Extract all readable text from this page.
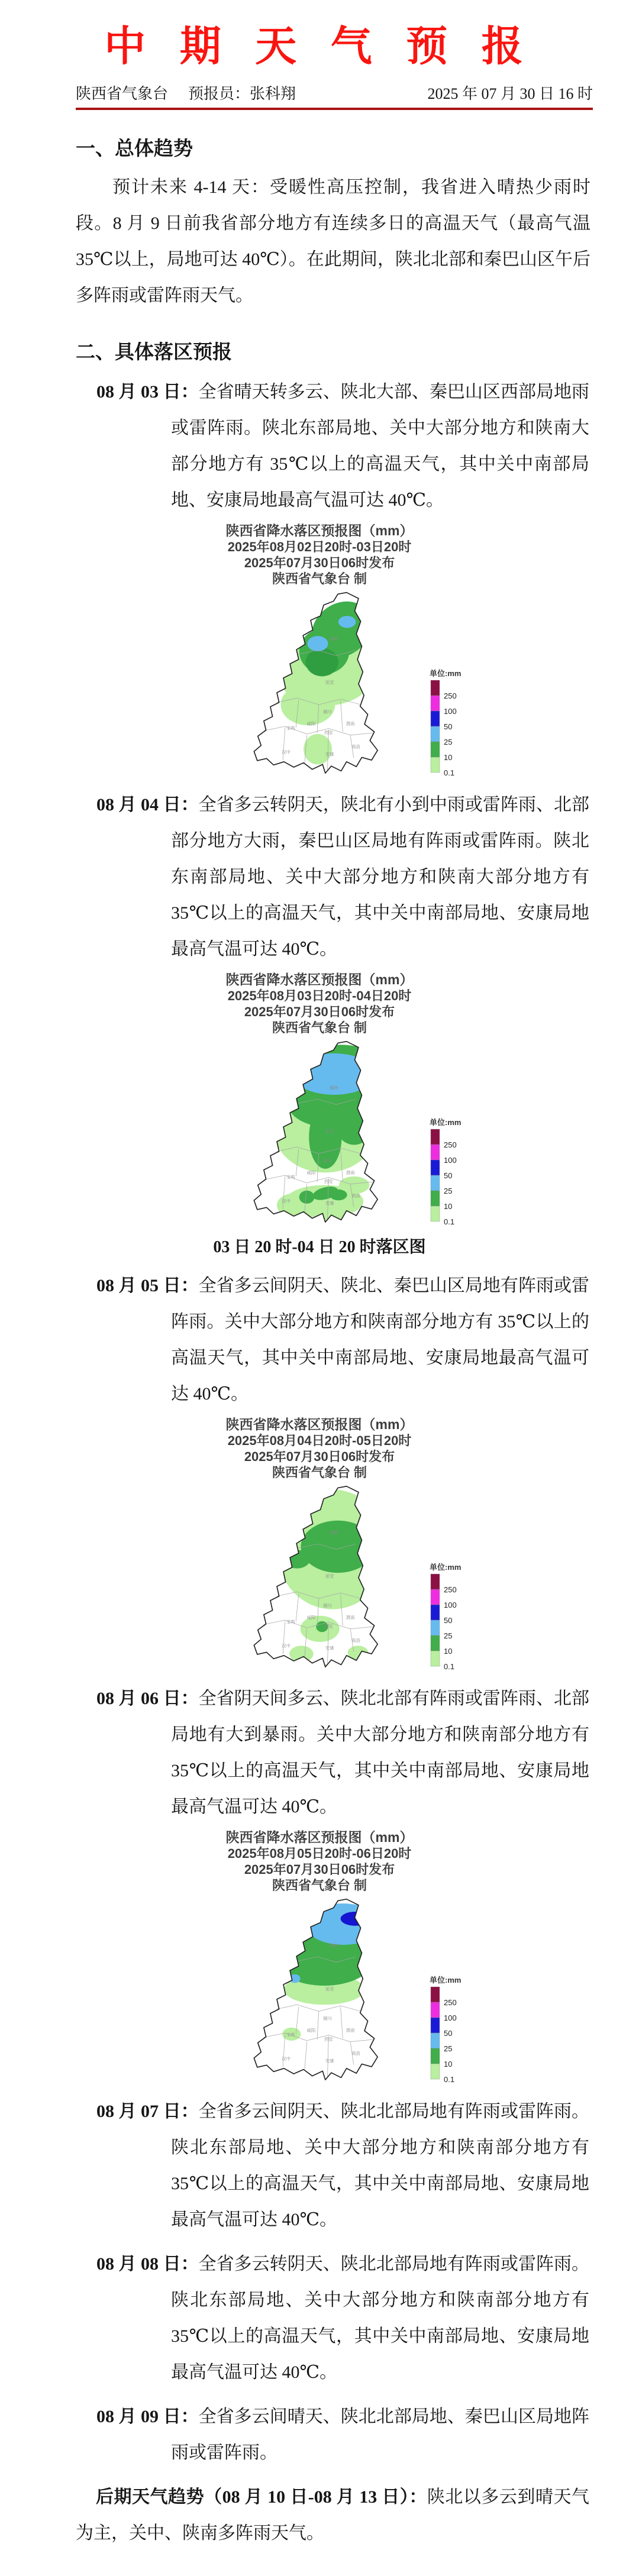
中 期 天 气 预 报
陕西省气象台 预报员：张科翔	2025 年 07 月 30 日 16 时
一、总体趋势

预计未来 4-14 天：受暖性高压控制，我省进入晴热少雨时段。8 月 9 日前我省部分地方有连续多日的高温天气（最高气温 35℃以上，局地可达 40℃）。在此期间，陕北北部和秦巴山区午后多阵雨或雷阵雨天气。

二、具体落区预报

08 月 03 日：全省晴天转多云、陕北大部、秦巴山区西部局地雨或雷阵雨。陕北东部局地、关中大部分地方和陕南大部分地方有 35℃以上的高温天气，其中关中南部局地、安康局地最高气温可达 40℃。

陕西省降水落区预报图（mm）
2025年08月02日20时-03日20时
2025年07月30日06时发布
陕西省气象台 制
榆林
延安
铜川
咸阳	渭南
西安
宝鸡
商洛
汉中	安康
单位:mm
250
100
50
25
10
0.1

08 月 04 日：全省多云转阴天，陕北有小到中雨或雷阵雨、北部部分地方大雨，秦巴山区局地有阵雨或雷阵雨。陕北东南部局地、关中大部分地方和陕南大部分地方有 35℃以上的高温天气，其中关中南部局地、安康局地最高气温可达 40℃。

陕西省降水落区预报图（mm）
2025年08月03日20时-04日20时
2025年07月30日06时发布
陕西省气象台 制
榆林
延安
铜川
咸阳	渭南
西安
宝鸡
商洛
汉中	安康
单位:mm
250
100
50
25
10
0.1
03 日 20 时-04 日 20 时落区图

08 月 05 日：全省多云间阴天、陕北、秦巴山区局地有阵雨或雷阵雨。关中大部分地方和陕南部分地方有 35℃以上的高温天气，其中关中南部局地、安康局地最高气温可达 40℃。

陕西省降水落区预报图（mm）
2025年08月04日20时-05日20时
2025年07月30日06时发布
陕西省气象台 制
榆林
延安
铜川
咸阳	渭南
西安
宝鸡
商洛
汉中	安康
单位:mm
250
100
50
25
10
0.1

08 月 06 日：全省阴天间多云、陕北北部有阵雨或雷阵雨、北部局地有大到暴雨。关中大部分地方和陕南部分地方有 35℃以上的高温天气，其中关中南部局地、安康局地最高气温可达 40℃。

陕西省降水落区预报图（mm）
2025年08月05日20时-06日20时
2025年07月30日06时发布
陕西省气象台 制
榆林
延安
铜川
咸阳	渭南
西安
宝鸡
商洛
汉中	安康
单位:mm
250
100
50
25
10
0.1

08 月 07 日：全省多云间阴天、陕北北部局地有阵雨或雷阵雨。陕北东部局地、关中大部分地方和陕南部分地方有 35℃以上的高温天气，其中关中南部局地、安康局地最高气温可达 40℃。

08 月 08 日：全省多云转阴天、陕北北部局地有阵雨或雷阵雨。陕北东部局地、关中大部分地方和陕南部分地方有 35℃以上的高温天气，其中关中南部局地、安康局地最高气温可达 40℃。

08 月 09 日：全省多云间晴天、陕北北部局地、秦巴山区局地阵雨或雷阵雨。

后期天气趋势（08 月 10 日-08 月 13 日）：陕北以多云到晴天气为主，关中、陕南多阵雨天气。
